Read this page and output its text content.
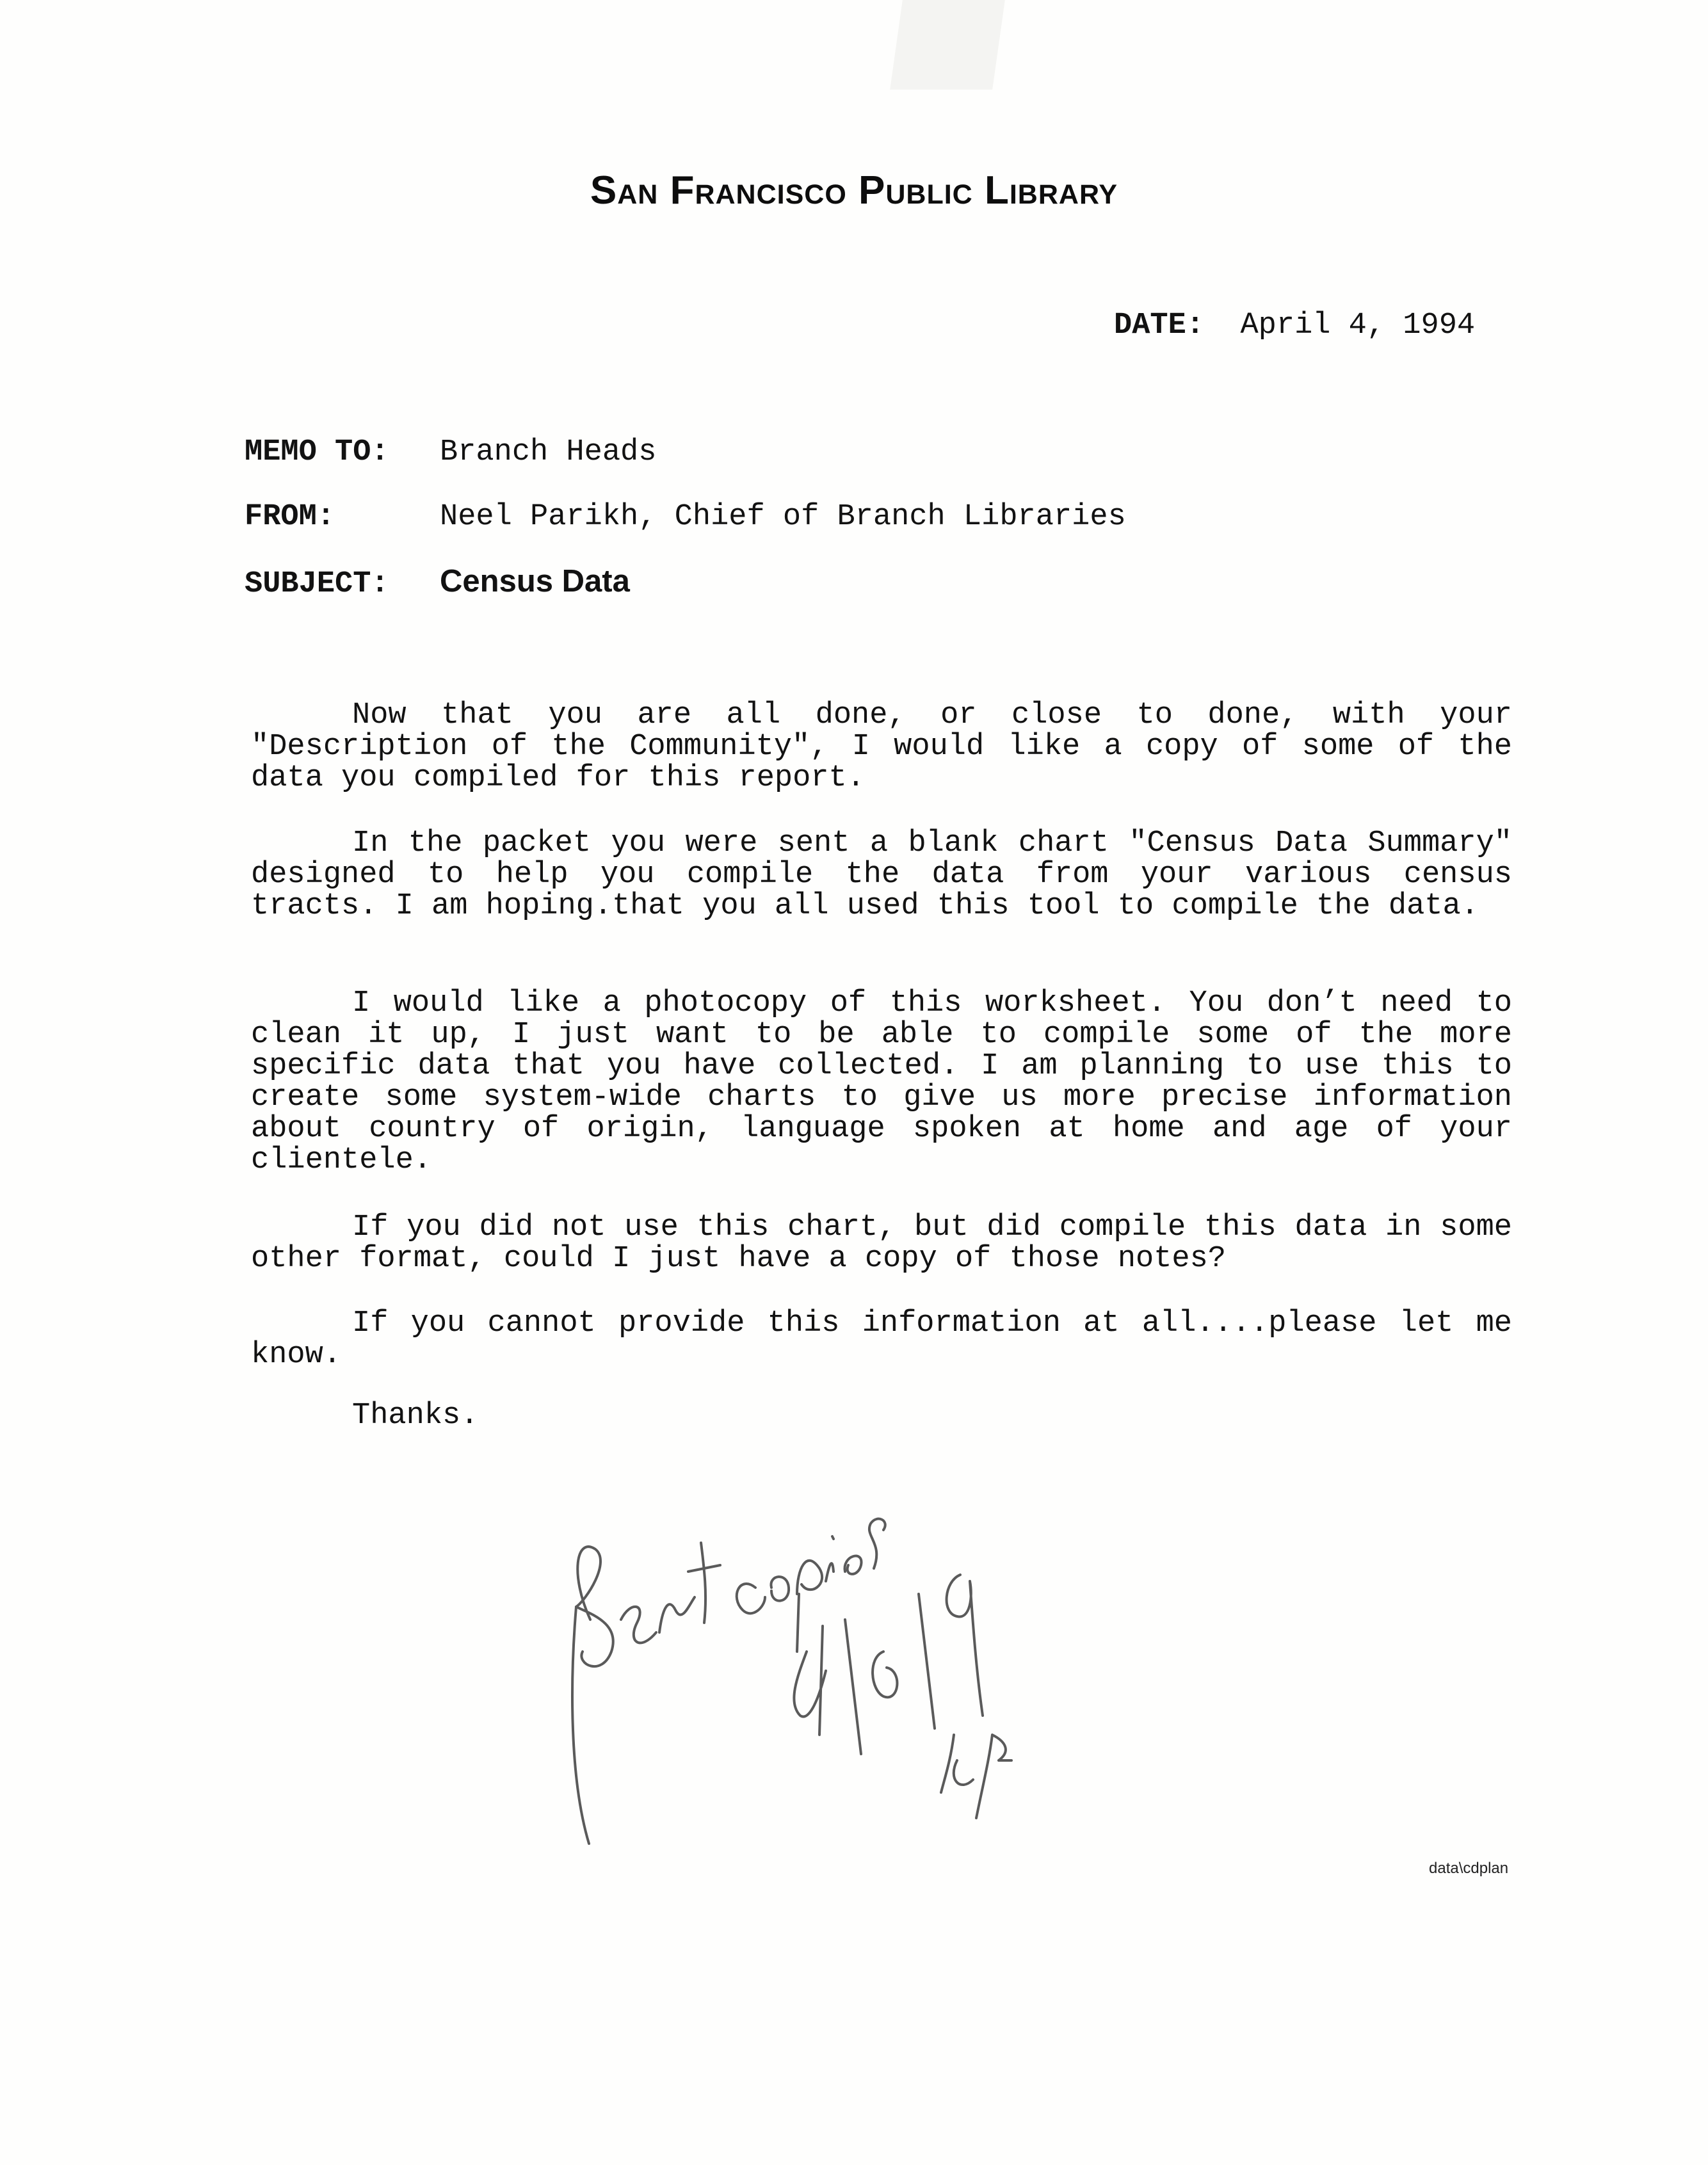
San Francisco Public Library
DATE: April 4, 1994
MEMO TO: Branch Heads
FROM:	Neel Parikh, Chief of Branch Libraries
SUBJECT: Census Data

Now that you are all done, or close to done, with your "Description of the Community", I would like a copy of some of the data you compiled for this report.

In the packet you were sent a blank chart "Census Data Summary" designed to help you compile the data from your various census tracts. I am hoping.that you all used this tool to compile the data.

I would like a photocopy of this worksheet. You don’t need to clean it up, I just want to be able to compile some of the more specific data that you have collected. I am planning to use this to create some system-wide charts to give us more precise information about country of origin, language spoken at home and age of your clientele.

If you did not use this chart, but did compile this data in some other format, could I just have a copy of those notes?

If you cannot provide this information at all....please let me know.

Thanks.
Sent copies 4/6/94 LH
data\cdplan
